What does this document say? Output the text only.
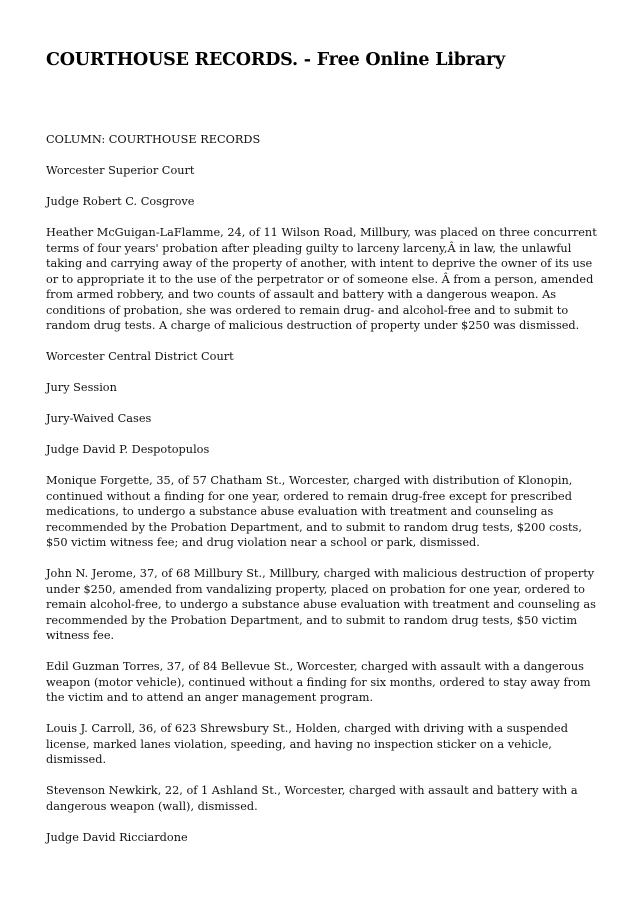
COURTHOUSE RECORDS. - Free Online Library

COLUMN: COURTHOUSE RECORDS

Worcester Superior Court

Judge Robert C. Cosgrove

Heather McGuigan-LaFlamme, 24, of 11 Wilson Road, Millbury, was placed on three concurrent terms of four years' probation after pleading guilty to larceny larceny,Â in law, the unlawful taking and carrying away of the property of another, with intent to deprive the owner of its use or to appropriate it to the use of the perpetrator or of someone else. Â from a person, amended from armed robbery, and two counts of assault and battery with a dangerous weapon. As conditions of probation, she was ordered to remain drug- and alcohol-free and to submit to random drug tests. A charge of malicious destruction of property under $250 was dismissed.

Worcester Central District Court

Jury Session

Jury-Waived Cases

Judge David P. Despotopulos

Monique Forgette, 35, of 57 Chatham St., Worcester, charged with distribution of Klonopin, continued without a finding for one year, ordered to remain drug-free except for prescribed medications, to undergo a substance abuse evaluation with treatment and counseling as recommended by the Probation Department, and to submit to random drug tests, $200 costs, $50 victim witness fee; and drug violation near a school or park, dismissed.

John N. Jerome, 37, of 68 Millbury St., Millbury, charged with malicious destruction of property under $250, amended from vandalizing property, placed on probation for one year, ordered to remain alcohol-free, to undergo a substance abuse evaluation with treatment and counseling as recommended by the Probation Department, and to submit to random drug tests, $50 victim witness fee.

Edil Guzman Torres, 37, of 84 Bellevue St., Worcester, charged with assault with a dangerous weapon (motor vehicle), continued without a finding for six months, ordered to stay away from the victim and to attend an anger management program.

Louis J. Carroll, 36, of 623 Shrewsbury St., Holden, charged with driving with a suspended license, marked lanes violation, speeding, and having no inspection sticker on a vehicle, dismissed.

Stevenson Newkirk, 22, of 1 Ashland St., Worcester, charged with assault and battery with a dangerous weapon (wall), dismissed.

Judge David Ricciardone
